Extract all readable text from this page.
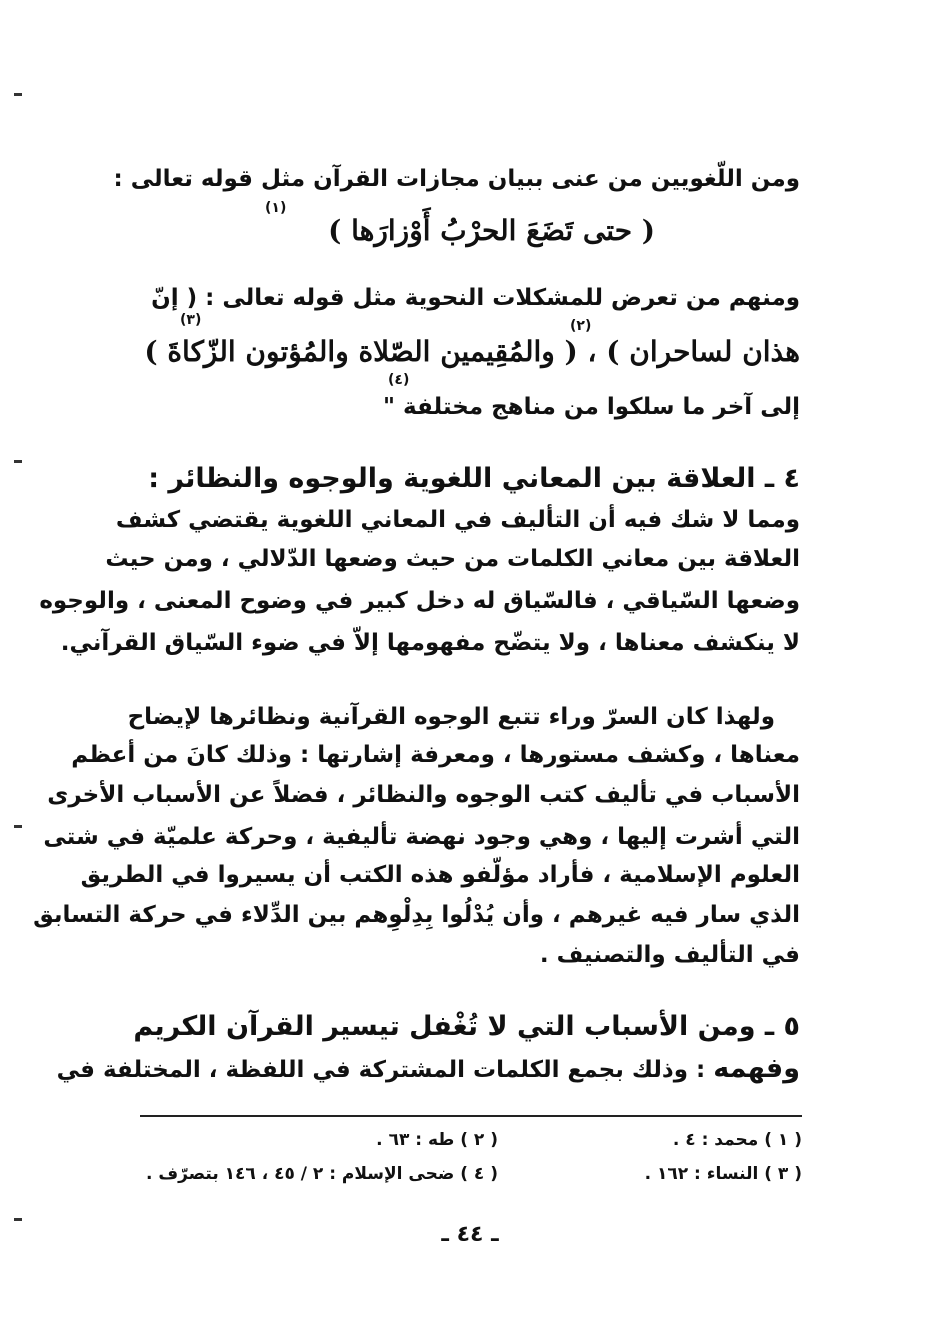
ومن اللّغويين من عنى ببيان مجازات القرآن مثل قوله تعالى :
( حتى تَضَعَ الحرْبُ أَوْزارَها )
(١)
ومنهم من تعرض للمشكلات النحوية مثل قوله تعالى : ( إنّ
هذان لساحران ) ، ( والمُقِيمين الصّلاة والمُؤتون الزّكاةَ )
(٢)
(٣)
(٤)
إلى آخر ما سلكوا من مناهج مختلفة "
٤ ـ العلاقة بين المعاني اللغوية والوجوه والنظائر :
ومما لا شك فيه أن التأليف في المعاني اللغوية يقتضي كشف
العلاقة بين معاني الكلمات من حيث وضعها الدّلالي ، ومن حيث
وضعها السّياقي ، فالسّياق له دخل كبير في وضوح المعنى ، والوجوه
لا ينكشف معناها ، ولا يتضّح مفهومها إلاّ في ضوء السّياق القرآني.
ولهذا كان السرّ وراء تتبع الوجوه القرآنية ونظائرها لإيضاح
معناها ، وكشف مستورها ، ومعرفة إشارتها : وذلك كانَ من أعظم
الأسباب في تأليف كتب الوجوه والنظائر ، فضلاً عن الأسباب الأخرى
التي أشرت إليها ، وهي وجود نهضة تأليفية ، وحركة علميّة في شتى
العلوم الإسلامية ، فأراد مؤلّفو هذه الكتب أن يسيروا في الطريق
الذي سار فيه غيرهم ، وأن يُدْلُوا بِدِلْوِهم بين الدِّلاء في حركة التسابق
في التأليف والتصنيف .
٥ ـ ومن الأسباب التي لا تُغْفل تيسير القرآن الكريم
وفهمه : وذلك بجمع الكلمات المشتركة في اللفظة ، المختلفة في
( ١ ) محمد : ٤ .
( ٢ ) طه : ٦٣ .
( ٣ ) النساء : ١٦٢ .
( ٤ ) ضحى الإسلام : ٢ / ٤٥ ، ١٤٦ بتصرّف .
ـ ٤٤ ـ
